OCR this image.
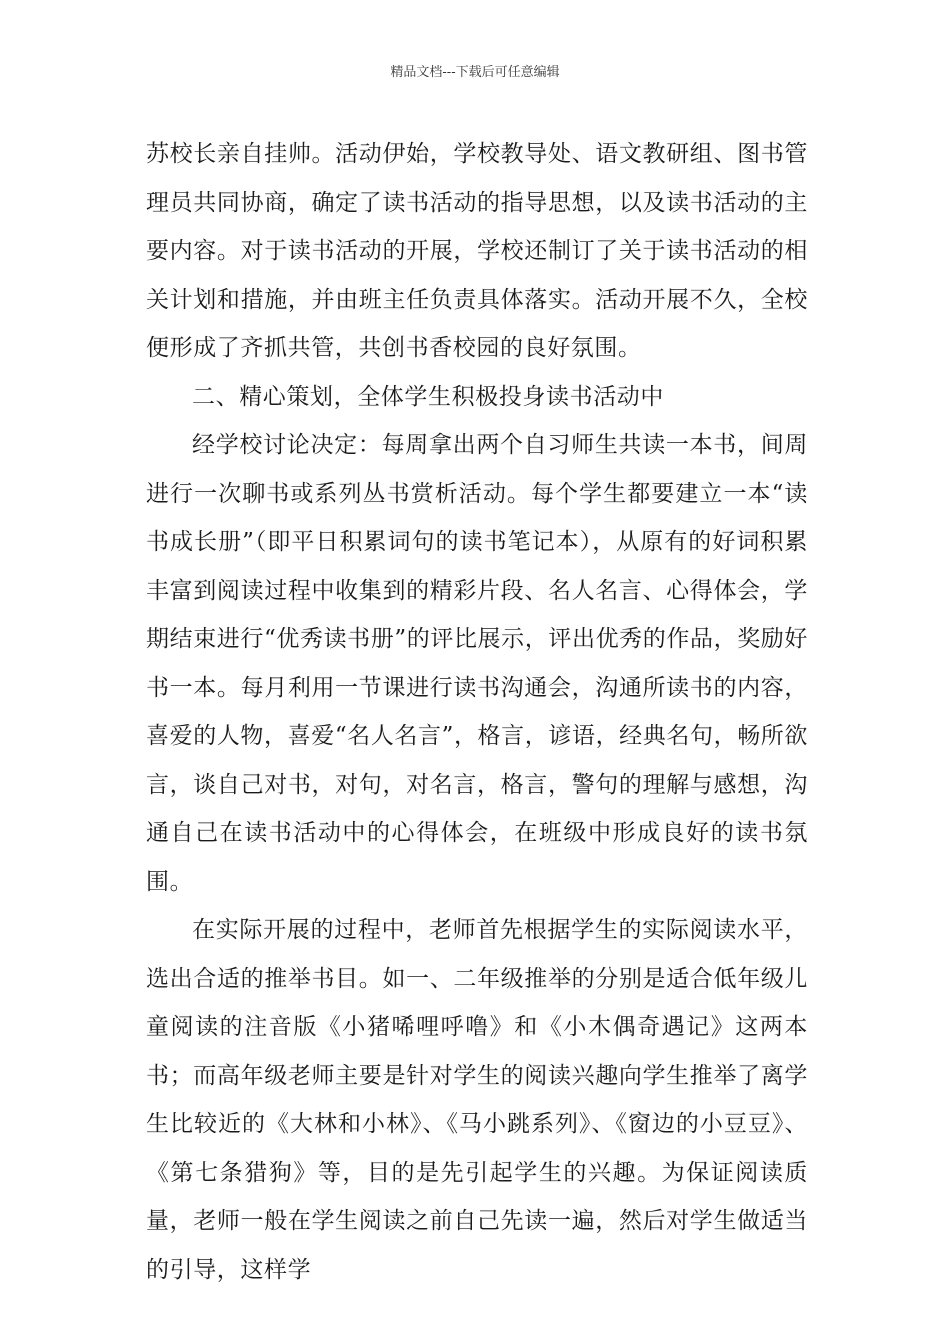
精品文档---下载后可任意编辑

苏校长亲自挂帅。活动伊始，学校教导处、语文教研组、图书管理员共同协商，确定了读书活动的指导思想，以及读书活动的主要内容。对于读书活动的开展，学校还制订了关于读书活动的相关计划和措施，并由班主任负责具体落实。活动开展不久，全校便形成了齐抓共管，共创书香校园的良好氛围。

二、精心策划，全体学生积极投身读书活动中

经学校讨论决定：每周拿出两个自习师生共读一本书，间周进行一次聊书或系列丛书赏析活动。每个学生都要建立一本“读书成长册”（即平日积累词句的读书笔记本），从原有的好词积累丰富到阅读过程中收集到的精彩片段、名人名言、心得体会，学期结束进行“优秀读书册”的评比展示，评出优秀的作品，奖励好书一本。每月利用一节课进行读书沟通会，沟通所读书的内容，喜爱的人物，喜爱“名人名言”，格言，谚语，经典名句，畅所欲言，谈自己对书，对句，对名言，格言，警句的理解与感想，沟通自己在读书活动中的心得体会，在班级中形成良好的读书氛围。

在实际开展的过程中，老师首先根据学生的实际阅读水平，选出合适的推举书目。如一、二年级推举的分别是适合低年级儿童阅读的注音版《小猪唏哩呼噜》和《小木偶奇遇记》这两本书；而高年级老师主要是针对学生的阅读兴趣向学生推举了离学生比较近的《大林和小林》、《马小跳系列》、《窗边的小豆豆》、《第七条猎狗》等，目的是先引起学生的兴趣。为保证阅读质量，老师一般在学生阅读之前自己先读一遍，然后对学生做适当的引导，这样学
